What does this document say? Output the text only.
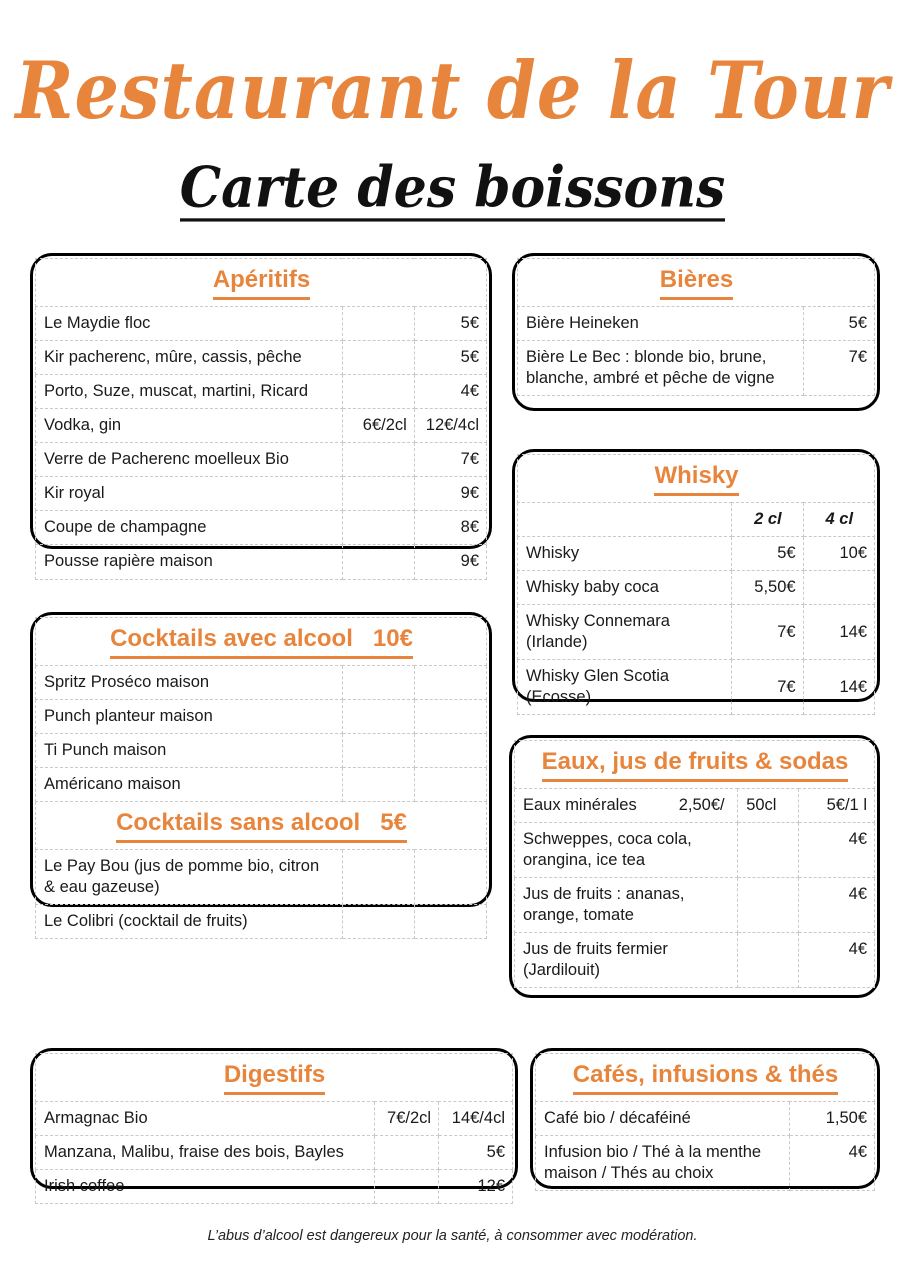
Restaurant de la Tour
Carte des boissons
Apéritifs		
Le Maydie floc		5€
Kir pacherenc, mûre, cassis, pêche		5€
Porto, Suze, muscat, martini, Ricard		4€
Vodka, gin	6€/2cl	12€/4cl
Verre de Pacherenc moelleux Bio		7€
Kir royal		9€
Coupe de champagne		8€
Pousse rapière maison		9€
Cocktails avec alcool   10€		
Spritz Proséco maison		
Punch planteur maison		
Ti Punch maison		
Américano maison		
Cocktails sans alcool   5€		
Le Pay Bou (jus de pomme bio, citron & eau gazeuse)		
Le Colibri (cocktail de fruits)		
Digestifs		
Armagnac Bio	7€/2cl	14€/4cl
Manzana, Malibu, fraise des bois, Bayles		5€
Irish coffee		12€
Bières	
Bière Heineken	5€
Bière Le Bec : blonde bio, brune, blanche, ambré et pêche de vigne	7€
Whisky		
	2 cl	4 cl
Whisky	5€	10€
Whisky baby coca	5,50€	
Whisky Connemara (Irlande)	7€	14€
Whisky Glen Scotia (Ecosse)	7€	14€
Eaux, jus de fruits & sodas		
Eaux minérales 2,50€/	50cl	5€/1 l
Schweppes, coca cola, orangina, ice tea		4€
Jus de fruits : ananas, orange, tomate		4€
Jus de fruits fermier (Jardilouit)		4€
Cafés, infusions & thés	
Café bio / décaféiné	1,50€
Infusion bio / Thé à la menthe maison / Thés au choix	4€
L’abus d’alcool est dangereux pour la santé, à consommer avec modération.
